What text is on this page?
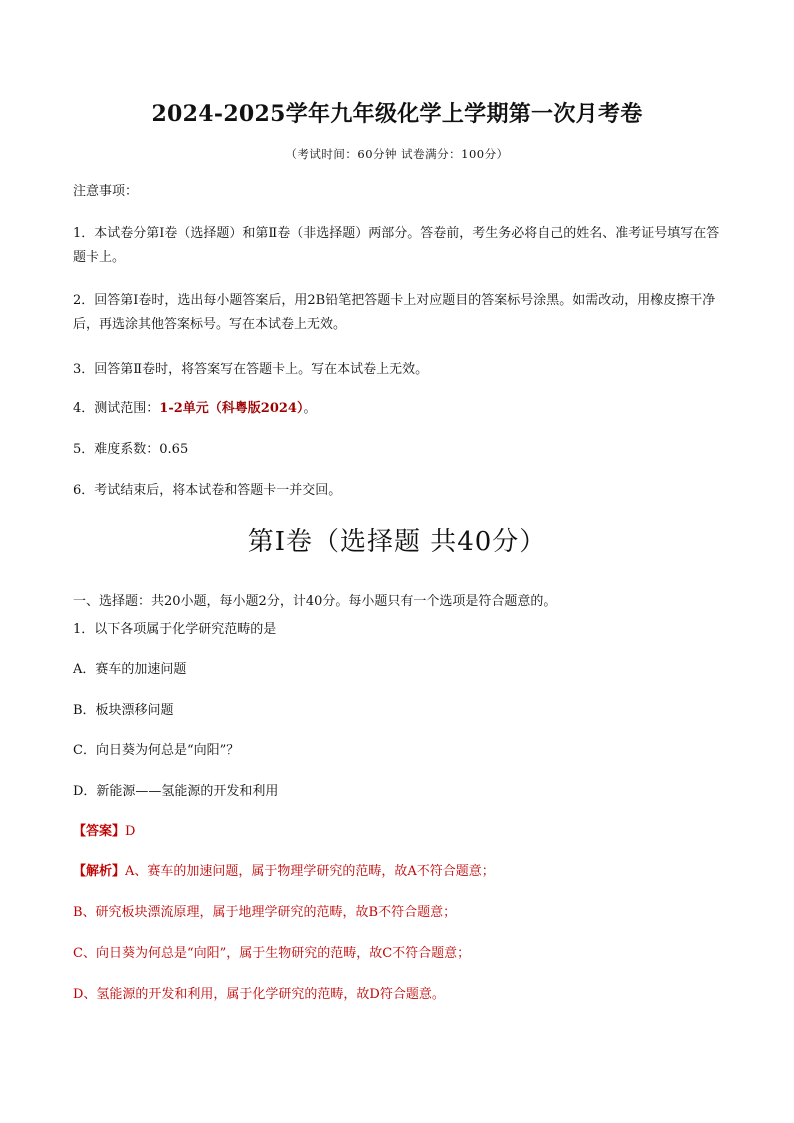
2024-2025学年九年级化学上学期第一次月考卷
（考试时间：60分钟 试卷满分：100分）
注意事项：
1．本试卷分第Ⅰ卷（选择题）和第Ⅱ卷（非选择题）两部分。答卷前，考生务必将自己的姓名、准考证号填写在答题卡上。
2．回答第Ⅰ卷时，选出每小题答案后，用2B铅笔把答题卡上对应题目的答案标号涂黑。如需改动，用橡皮擦干净后，再选涂其他答案标号。写在本试卷上无效。
3．回答第Ⅱ卷时，将答案写在答题卡上。写在本试卷上无效。
4．测试范围：1-2单元（科粤版2024）。
5．难度系数：0.65
6．考试结束后，将本试卷和答题卡一并交回。
第Ⅰ卷（选择题 共40分）
一、选择题：共20小题，每小题2分，计40分。每小题只有一个选项是符合题意的。
1．以下各项属于化学研究范畴的是
A．赛车的加速问题
B．板块漂移问题
C．向日葵为何总是“向阳”？
D．新能源——氢能源的开发和利用
【答案】D
【解析】A、赛车的加速问题，属于物理学研究的范畴，故A不符合题意；
B、研究板块漂流原理，属于地理学研究的范畴，故B不符合题意；
C、向日葵为何总是“向阳”，属于生物研究的范畴，故C不符合题意；
D、氢能源的开发和利用，属于化学研究的范畴，故D符合题意。
